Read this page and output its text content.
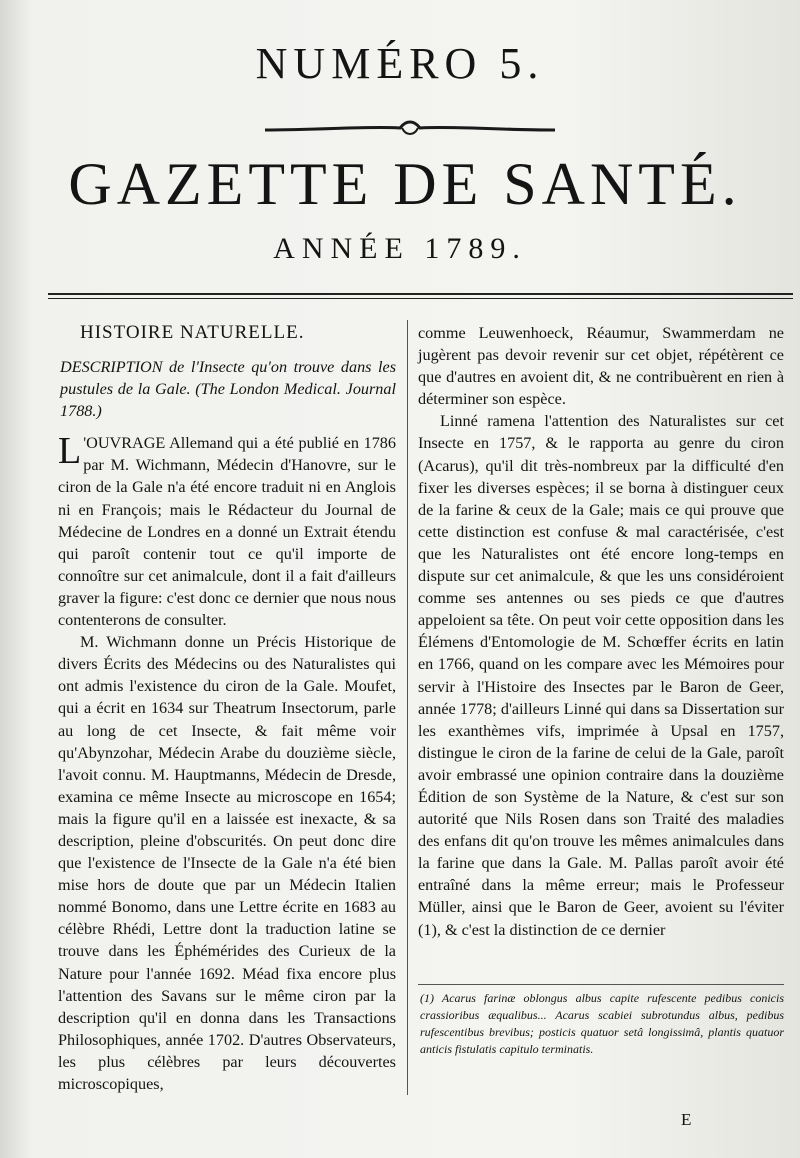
NUMÉRO 5.
GAZETTE DE SANTÉ.
ANNÉE 1789.

HISTOIRE NATURELLE.

DESCRIPTION de l'Insecte qu'on trouve dans les pustules de la Gale. (The London Medical. Journal 1788.)

L 'OUVRAGE Allemand qui a été publié en 1786 par M. Wichmann, Médecin d'Hanovre, sur le ciron de la Gale n'a été encore traduit ni en Anglois ni en François; mais le Rédacteur du Journal de Médecine de Londres en a donné un Extrait étendu qui paroît contenir tout ce qu'il importe de connoître sur cet animalcule, dont il a fait d'ailleurs graver la figure: c'est donc ce dernier que nous nous contenterons de consulter.

M. Wichmann donne un Précis Historique de divers Écrits des Médecins ou des Naturalistes qui ont admis l'existence du ciron de la Gale. Moufet, qui a écrit en 1634 sur Theatrum Insectorum, parle au long de cet Insecte, & fait même voir qu'Abynzohar, Médecin Arabe du douzième siècle, l'avoit connu. M. Hauptmanns, Médecin de Dresde, examina ce même Insecte au microscope en 1654; mais la figure qu'il en a laissée est inexacte, & sa description, pleine d'obscurités. On peut donc dire que l'existence de l'Insecte de la Gale n'a été bien mise hors de doute que par un Médecin Italien nommé Bonomo, dans une Lettre écrite en 1683 au célèbre Rhédi, Lettre dont la traduction latine se trouve dans les Éphémérides des Curieux de la Nature pour l'année 1692. Méad fixa encore plus l'attention des Savans sur le même ciron par la description qu'il en donna dans les Transactions Philosophiques, année 1702. D'autres Observateurs, les plus célèbres par leurs découvertes microscopiques,

comme Leuwenhoeck, Réaumur, Swammerdam ne jugèrent pas devoir revenir sur cet objet, répétèrent ce que d'autres en avoient dit, & ne contribuèrent en rien à déterminer son espèce.

Linné ramena l'attention des Naturalistes sur cet Insecte en 1757, & le rapporta au genre du ciron (Acarus), qu'il dit très-nombreux par la difficulté d'en fixer les diverses espèces; il se borna à distinguer ceux de la farine & ceux de la Gale; mais ce qui prouve que cette distinction est confuse & mal caractérisée, c'est que les Naturalistes ont été encore long-temps en dispute sur cet animalcule, & que les uns considéroient comme ses antennes ou ses pieds ce que d'autres appeloient sa tête. On peut voir cette opposition dans les Élémens d'Entomologie de M. Schœffer écrits en latin en 1766, quand on les compare avec les Mémoires pour servir à l'Histoire des Insectes par le Baron de Geer, année 1778; d'ailleurs Linné qui dans sa Dissertation sur les exanthèmes vifs, imprimée à Upsal en 1757, distingue le ciron de la farine de celui de la Gale, paroît avoir embrassé une opinion contraire dans la douzième Édition de son Système de la Nature, & c'est sur son autorité que Nils Rosen dans son Traité des maladies des enfans dit qu'on trouve les mêmes animalcules dans la farine que dans la Gale. M. Pallas paroît avoir été entraîné dans la même erreur; mais le Professeur Müller, ainsi que le Baron de Geer, avoient su l'éviter (1), & c'est la distinction de ce dernier

(1) Acarus farinæ oblongus albus capite rufescente pedibus conicis crassioribus æqualibus... Acarus scabiei subrotundus albus, pedibus rufescentibus brevibus; posticis quatuor setâ longissimâ, plantis quatuor anticis fistulatis capitulo terminatis.
E
